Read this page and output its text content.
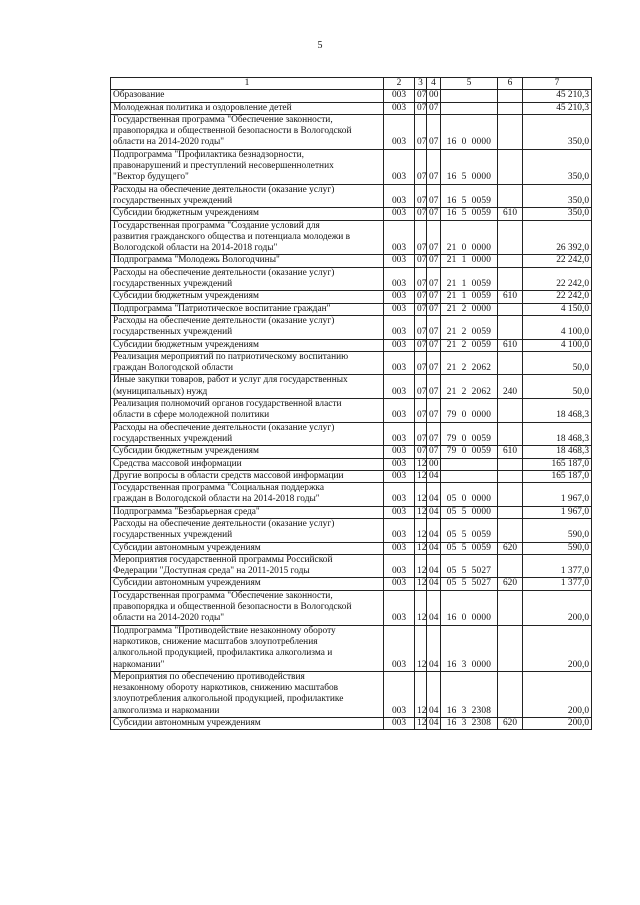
5
1	2	3	4	5	6	7
Образование	003	07	00			45 210,3
Молодежная политика и оздоровление детей	003	07	07			45 210,3
Государственная программа "Обеспечение законности,
правопорядка и общественной безопасности в Вологодской
области на 2014-2020 годы"	003	07	07	16  0  0000		350,0
Подпрограмма "Профилактика безнадзорности,
правонарушений и преступлений несовершеннолетних
"Вектор будущего"	003	07	07	16  5  0000		350,0
Расходы на обеспечение деятельности (оказание услуг)
государственных учреждений	003	07	07	16  5  0059		350,0
Субсидии бюджетным учреждениям	003	07	07	16  5  0059	610	350,0
Государственная программа "Создание условий для
развития гражданского общества и потенциала молодежи в
Вологодской области на 2014-2018 годы"	003	07	07	21  0  0000		26 392,0
Подпрограмма "Молодежь Вологодчины"	003	07	07	21  1  0000		22 242,0
Расходы на обеспечение деятельности (оказание услуг)
государственных учреждений	003	07	07	21  1  0059		22 242,0
Субсидии бюджетным учреждениям	003	07	07	21  1  0059	610	22 242,0
Подпрограмма "Патриотическое воспитание граждан"	003	07	07	21  2  0000		4 150,0
Расходы на обеспечение деятельности (оказание услуг)
государственных учреждений	003	07	07	21  2  0059		4 100,0
Субсидии бюджетным учреждениям	003	07	07	21  2  0059	610	4 100,0
Реализация мероприятий по патриотическому воспитанию
граждан Вологодской области	003	07	07	21  2  2062		50,0
Иные закупки товаров, работ и услуг для государственных
(муниципальных) нужд	003	07	07	21  2  2062	240	50,0
Реализация полномочий органов государственной власти
области в сфере молодежной политики	003	07	07	79  0  0000		18 468,3
Расходы на обеспечение деятельности (оказание услуг)
государственных учреждений	003	07	07	79  0  0059		18 468,3
Субсидии бюджетным учреждениям	003	07	07	79  0  0059	610	18 468,3
Средства массовой информации	003	12	00			165 187,0
Другие вопросы в области средств массовой информации	003	12	04			165 187,0
Государственная программа "Социальная поддержка
граждан в Вологодской области на 2014-2018 годы"	003	12	04	05  0  0000		1 967,0
Подпрограмма "Безбарьерная среда"	003	12	04	05  5  0000		1 967,0
Расходы на обеспечение деятельности (оказание услуг)
государственных учреждений	003	12	04	05  5  0059		590,0
Субсидии автономным учреждениям	003	12	04	05  5  0059	620	590,0
Мероприятия государственной программы Российской
Федерации "Доступная среда" на 2011-2015 годы	003	12	04	05  5  5027		1 377,0
Субсидии автономным учреждениям	003	12	04	05  5  5027	620	1 377,0
Государственная программа "Обеспечение законности,
правопорядка и общественной безопасности в Вологодской
области на 2014-2020 годы"	003	12	04	16  0  0000		200,0
Подпрограмма "Противодействие незаконному обороту
наркотиков, снижение масштабов злоупотребления
алкогольной продукцией, профилактика алкоголизма и
наркомании"	003	12	04	16  3  0000		200,0
Мероприятия по обеспечению противодействия
незаконному обороту наркотиков, снижению масштабов
злоупотребления алкогольной продукцией, профилактике
алкоголизма и наркомании	003	12	04	16  3  2308		200,0
Субсидии автономным учреждениям	003	12	04	16  3  2308	620	200,0
